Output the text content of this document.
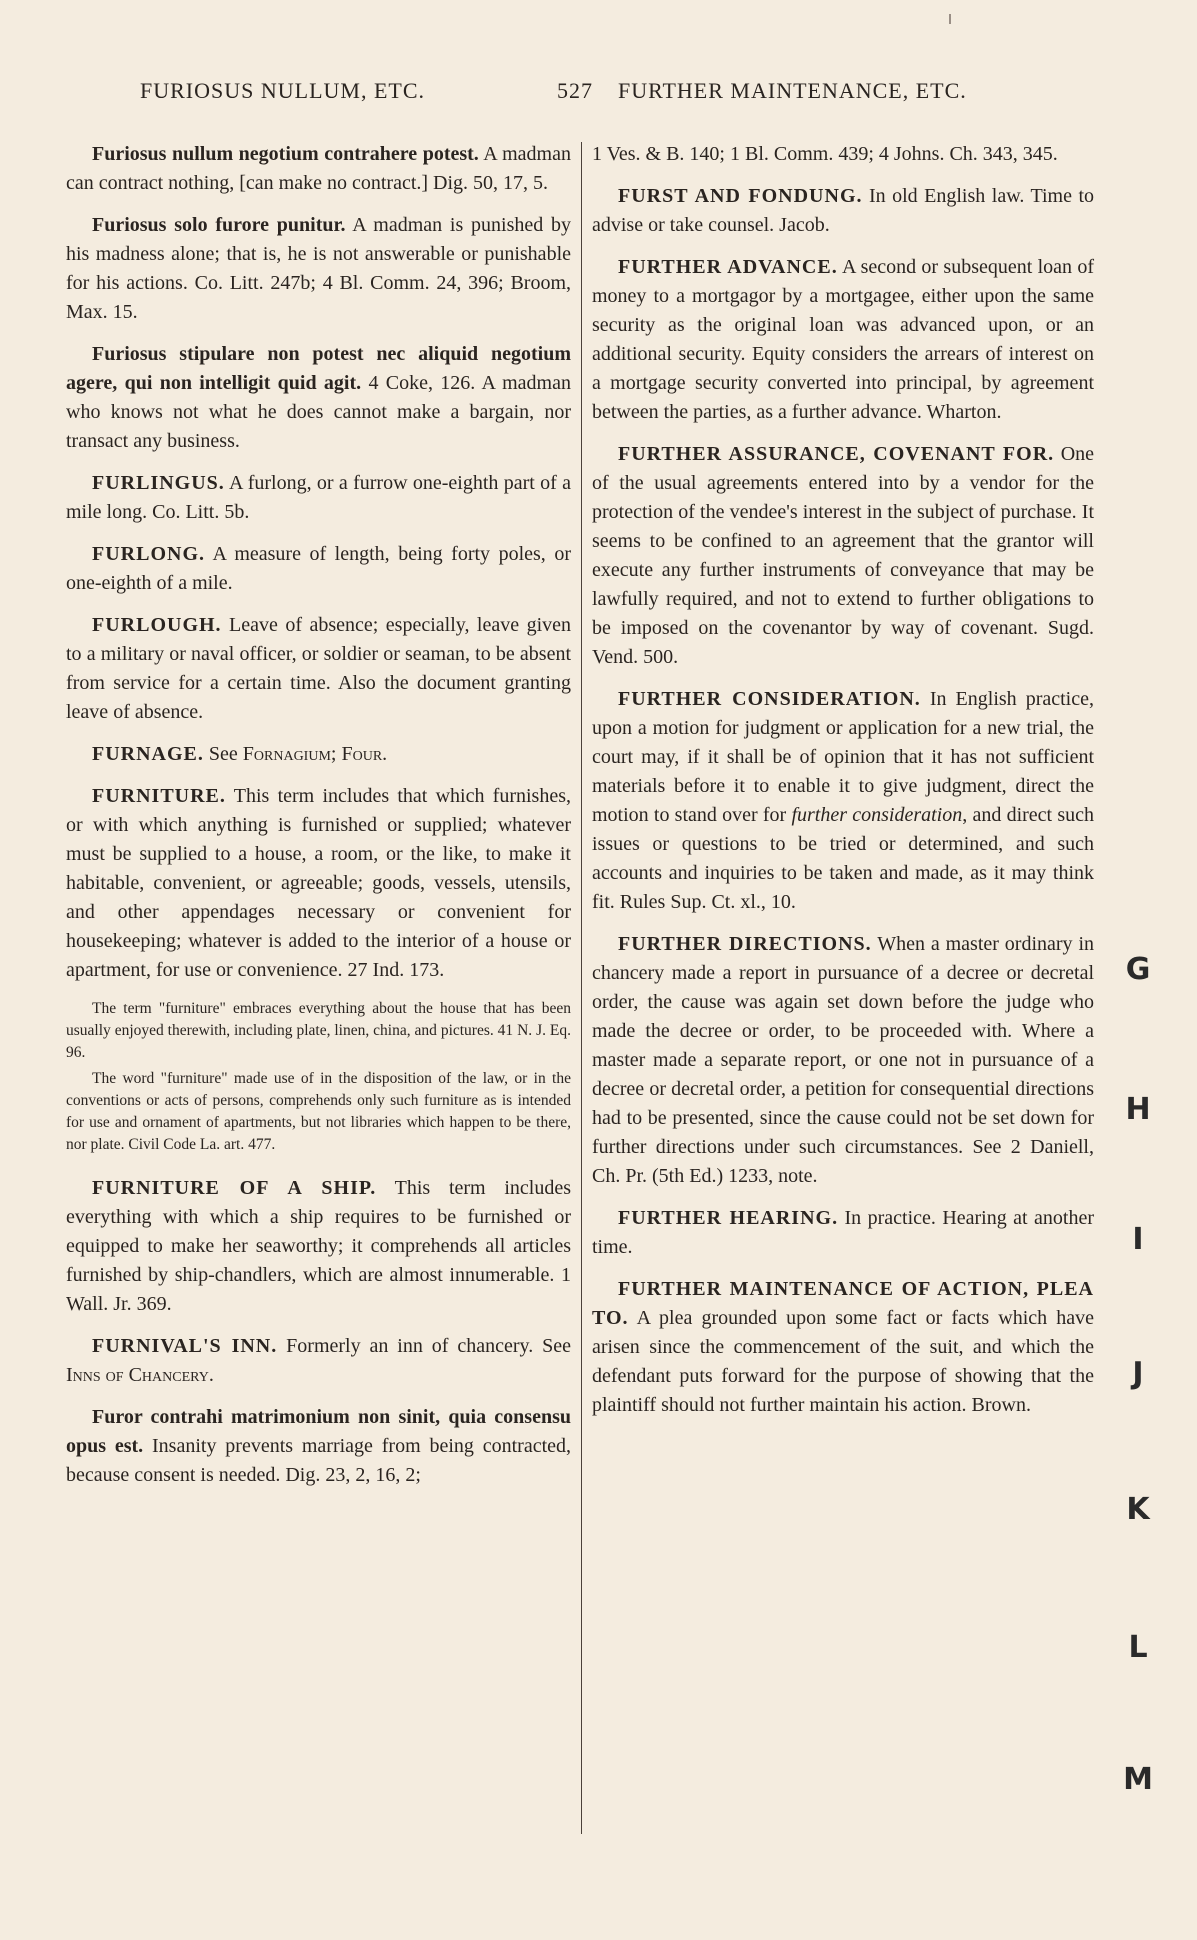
FURIOSUS NULLUM, ETC.	527 FURTHER MAINTENANCE, ETC.

Furiosus nullum negotium contrahere potest. A madman can contract nothing, [can make no contract.] Dig. 50, 17, 5.

Furiosus solo furore punitur. A madman is punished by his madness alone; that is, he is not answerable or punishable for his actions. Co. Litt. 247b; 4 Bl. Comm. 24, 396; Broom, Max. 15.

Furiosus stipulare non potest nec aliquid negotium agere, qui non intelligit quid agit. 4 Coke, 126. A madman who knows not what he does cannot make a bargain, nor transact any business.

FURLINGUS. A furlong, or a furrow one-eighth part of a mile long. Co. Litt. 5b.

FURLONG. A measure of length, being forty poles, or one-eighth of a mile.

FURLOUGH. Leave of absence; especially, leave given to a military or naval officer, or soldier or seaman, to be absent from service for a certain time. Also the document granting leave of absence.

FURNAGE. See Fornagium; Four.

FURNITURE. This term includes that which furnishes, or with which anything is furnished or supplied; whatever must be supplied to a house, a room, or the like, to make it habitable, convenient, or agreeable; goods, vessels, utensils, and other appendages necessary or convenient for housekeeping; whatever is added to the interior of a house or apartment, for use or convenience. 27 Ind. 173.

The term "furniture" embraces everything about the house that has been usually enjoyed therewith, including plate, linen, china, and pictures. 41 N. J. Eq. 96.

The word "furniture" made use of in the disposition of the law, or in the conventions or acts of persons, comprehends only such furniture as is intended for use and ornament of apartments, but not libraries which happen to be there, nor plate. Civil Code La. art. 477.

FURNITURE OF A SHIP. This term includes everything with which a ship requires to be furnished or equipped to make her seaworthy; it comprehends all articles furnished by ship-chandlers, which are almost innumerable. 1 Wall. Jr. 369.

FURNIVAL'S INN. Formerly an inn of chancery. See Inns of Chancery.

Furor contrahi matrimonium non sinit, quia consensu opus est. Insanity prevents marriage from being contracted, because consent is needed. Dig. 23, 2, 16, 2;

1 Ves. & B. 140; 1 Bl. Comm. 439; 4 Johns. Ch. 343, 345.

FURST AND FONDUNG. In old English law. Time to advise or take counsel. Jacob.

FURTHER ADVANCE. A second or subsequent loan of money to a mortgagor by a mortgagee, either upon the same security as the original loan was advanced upon, or an additional security. Equity considers the arrears of interest on a mortgage security converted into principal, by agreement between the parties, as a further advance. Wharton.

FURTHER ASSURANCE, COVENANT FOR. One of the usual agreements entered into by a vendor for the protection of the vendee's interest in the subject of purchase. It seems to be confined to an agreement that the grantor will execute any further instruments of conveyance that may be lawfully required, and not to extend to further obligations to be imposed on the covenantor by way of covenant. Sugd. Vend. 500.

FURTHER CONSIDERATION. In English practice, upon a motion for judgment or application for a new trial, the court may, if it shall be of opinion that it has not sufficient materials before it to enable it to give judgment, direct the motion to stand over for further consideration, and direct such issues or questions to be tried or determined, and such accounts and inquiries to be taken and made, as it may think fit. Rules Sup. Ct. xl., 10.

FURTHER DIRECTIONS. When a master ordinary in chancery made a report in pursuance of a decree or decretal order, the cause was again set down before the judge who made the decree or order, to be proceeded with. Where a master made a separate report, or one not in pursuance of a decree or decretal order, a petition for consequential directions had to be presented, since the cause could not be set down for further directions under such circumstances. See 2 Daniell, Ch. Pr. (5th Ed.) 1233, note.

FURTHER HEARING. In practice. Hearing at another time.

FURTHER MAINTENANCE OF ACTION, PLEA TO. A plea grounded upon some fact or facts which have arisen since the commencement of the suit, and which the defendant puts forward for the purpose of showing that the plaintiff should not further maintain his action. Brown.

G
H
I
J
K
L
M
